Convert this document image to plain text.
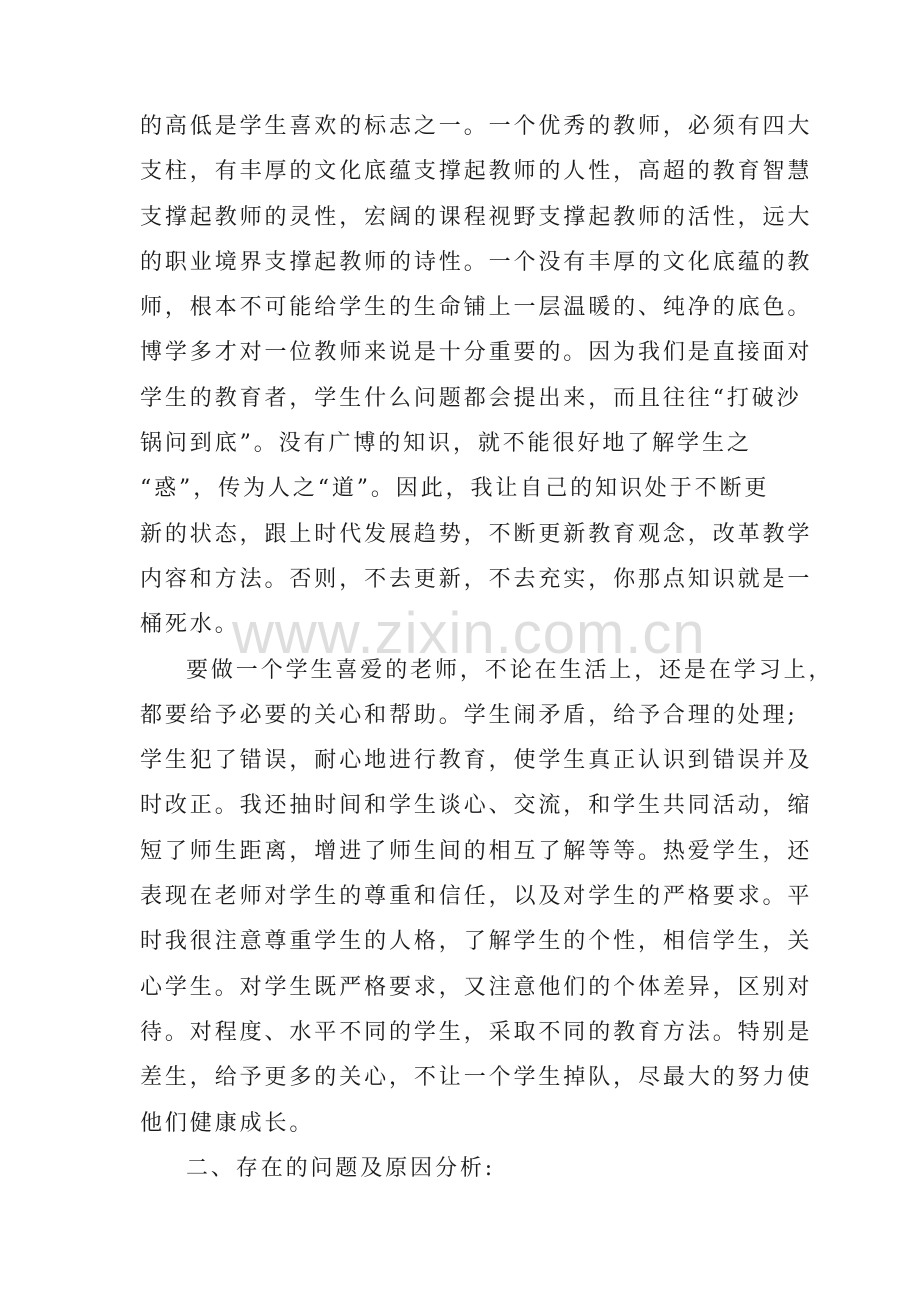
的高低是学生喜欢的标志之一。一个优秀的教师，必须有四大
支柱，有丰厚的文化底蕴支撑起教师的人性，高超的教育智慧
支撑起教师的灵性，宏阔的课程视野支撑起教师的活性，远大
的职业境界支撑起教师的诗性。一个没有丰厚的文化底蕴的教
师，根本不可能给学生的生命铺上一层温暖的、纯净的底色。
博学多才对一位教师来说是十分重要的。因为我们是直接面对
学生的教育者，学生什么问题都会提出来，而且往往“打破沙
锅问到底”。没有广博的知识，就不能很好地了解学生之
“惑”，传为人之“道”。因此，我让自己的知识处于不断更
新的状态，跟上时代发展趋势，不断更新教育观念，改革教学
内容和方法。否则，不去更新，不去充实，你那点知识就是一
桶死水。
要做一个学生喜爱的老师，不论在生活上，还是在学习上，
都要给予必要的关心和帮助。学生闹矛盾，给予合理的处理;
学生犯了错误，耐心地进行教育，使学生真正认识到错误并及
时改正。我还抽时间和学生谈心、交流，和学生共同活动，缩
短了师生距离，增进了师生间的相互了解等等。热爱学生，还
表现在老师对学生的尊重和信任，以及对学生的严格要求。平
时我很注意尊重学生的人格，了解学生的个性，相信学生，关
心学生。对学生既严格要求，又注意他们的个体差异，区别对
待。对程度、水平不同的学生，采取不同的教育方法。特别是
差生，给予更多的关心，不让一个学生掉队，尽最大的努力使
他们健康成长。
二、存在的问题及原因分析:
www.zixin.com.cn
